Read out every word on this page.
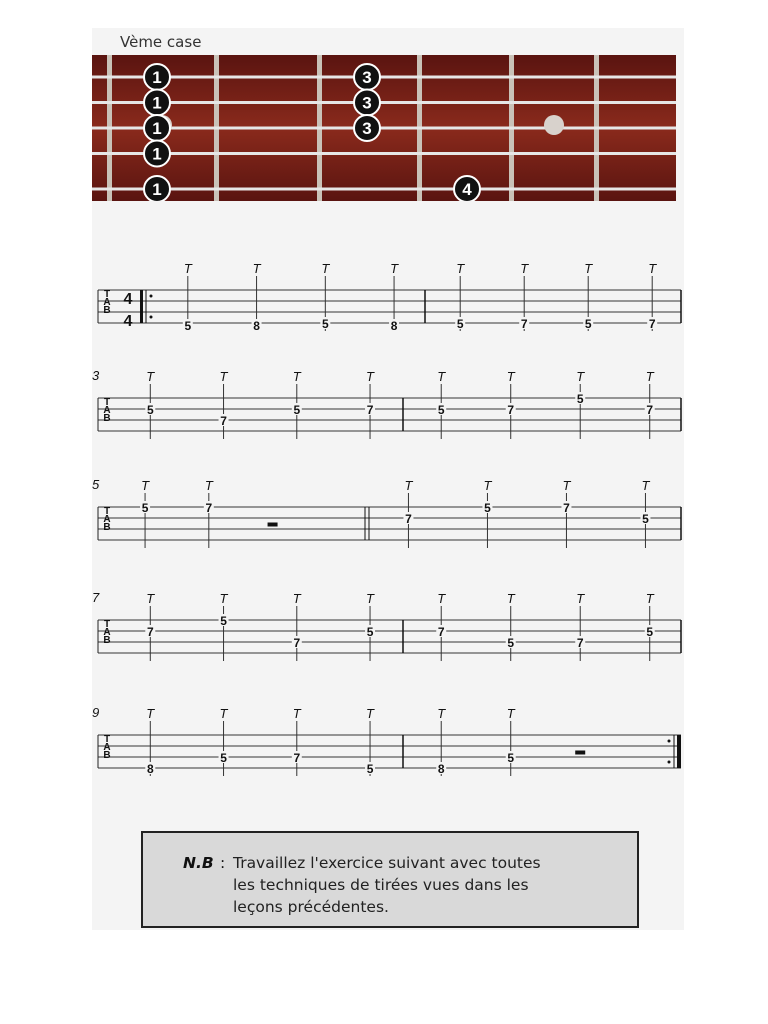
Vème case
1	3
1	3
1	3
1
1	4
T
A
B
4
4
T
5
T
8
T
5
T
8
T
5
T
7
T
5
T
7
T
A
B
3	T
5
T
7
T
5
T
7
T
5
T
7
T
5
T
7
T
A
B
5	T
5
T
7
T
7
T
5
T
7
T
5
T
A
B
7	T
7
T
5
T
7
T
5
T
7
T
5
T
7
T
5
T
A
B
9	T
8
T
5
T
7
T
5
T
8
T
5
N.B : Travaillez l'exercice suivant avec toutes
les techniques de tirées vues dans les
leçons précédentes.
